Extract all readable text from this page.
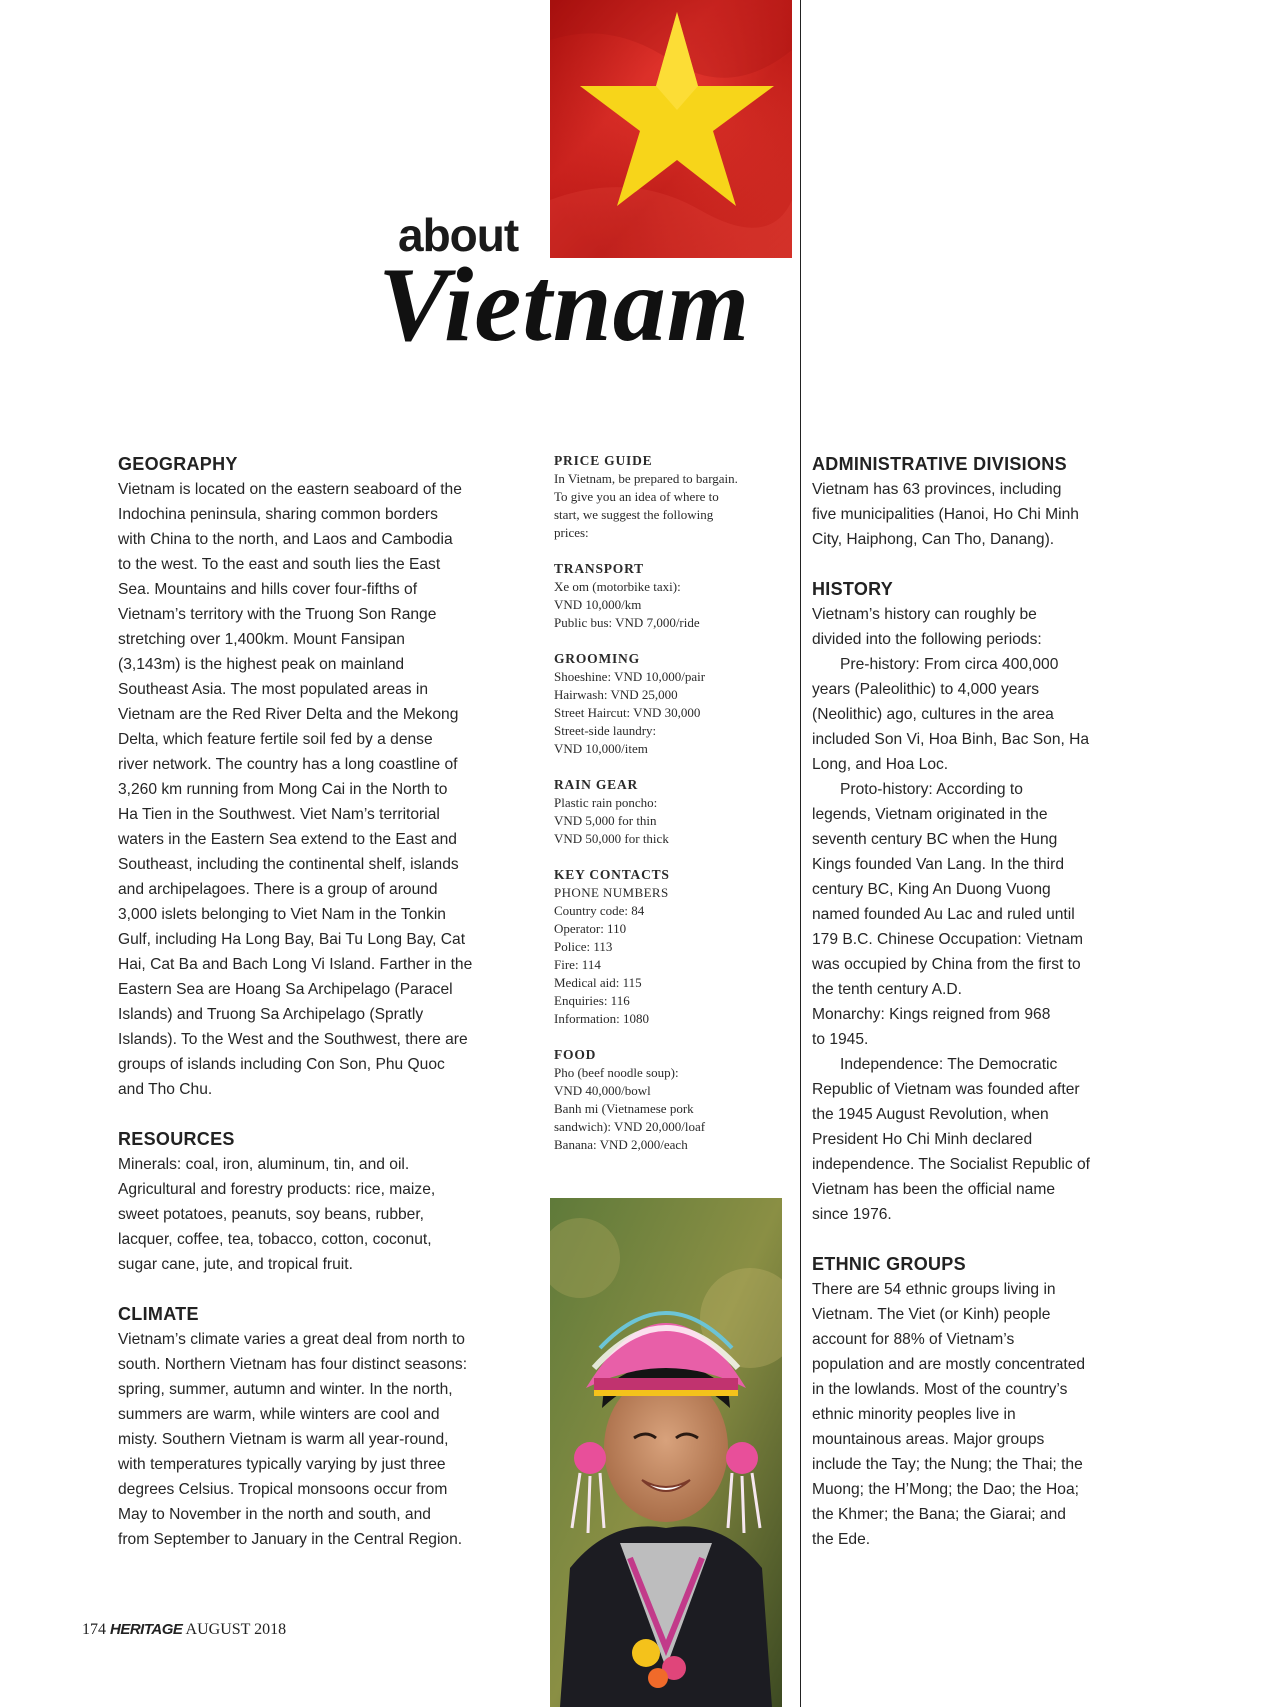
about
Vietnam
GEOGRAPHY

Vietnam is located on the eastern seaboard of the
Indochina peninsula, sharing common borders
with China to the north, and Laos and Cambodia
to the west. To the east and south lies the East
Sea. Mountains and hills cover four-fifths of
Vietnam’s territory with the Truong Son Range
stretching over 1,400km. Mount Fansipan
(3,143m) is the highest peak on mainland
Southeast Asia. The most populated areas in
Vietnam are the Red River Delta and the Mekong
Delta, which feature fertile soil fed by a dense
river network. The country has a long coastline of
3,260 km running from Mong Cai in the North to
Ha Tien in the Southwest. Viet Nam’s territorial
waters in the Eastern Sea extend to the East and
Southeast, including the continental shelf, islands
and archipelagoes. There is a group of around
3,000 islets belonging to Viet Nam in the Tonkin
Gulf, including Ha Long Bay, Bai Tu Long Bay, Cat
Hai, Cat Ba and Bach Long Vi Island. Farther in the
Eastern Sea are Hoang Sa Archipelago (Paracel
Islands) and Truong Sa Archipelago (Spratly
Islands). To the West and the Southwest, there are
groups of islands including Con Son, Phu Quoc
and Tho Chu.

RESOURCES

Minerals: coal, iron, aluminum, tin, and oil.
Agricultural and forestry products: rice, maize,
sweet potatoes, peanuts, soy beans, rubber,
lacquer, coffee, tea, tobacco, cotton, coconut,
sugar cane, jute, and tropical fruit.

CLIMATE

Vietnam’s climate varies a great deal from north to
south. Northern Vietnam has four distinct seasons:
spring, summer, autumn and winter. In the north,
summers are warm, while winters are cool and
misty. Southern Vietnam is warm all year-round,
with temperatures typically varying by just three
degrees Celsius. Tropical monsoons occur from
May to November in the north and south, and
from September to January in the Central Region.

PRICE GUIDE

In Vietnam, be prepared to bargain.
To give you an idea of where to
start, we suggest the following
prices:

TRANSPORT

Xe om (motorbike taxi):
VND 10,000/km
Public bus: VND 7,000/ride

GROOMING

Shoeshine: VND 10,000/pair
Hairwash: VND 25,000
Street Haircut: VND 30,000
Street-side laundry:
VND 10,000/item

RAIN GEAR

Plastic rain poncho:
VND 5,000 for thin
VND 50,000 for thick

KEY CONTACTS

PHONE NUMBERS
Country code: 84
Operator: 110
Police: 113
Fire: 114
Medical aid: 115
Enquiries: 116
Information: 1080

FOOD

Pho (beef noodle soup):
VND 40,000/bowl
Banh mi (Vietnamese pork
sandwich): VND 20,000/loaf
Banana: VND 2,000/each

ADMINISTRATIVE DIVISIONS

Vietnam has 63 provinces, including
five municipalities (Hanoi, Ho Chi Minh
City, Haiphong, Can Tho, Danang).

HISTORY

Vietnam’s history can roughly be
divided into the following periods:
Pre-history: From circa 400,000
years (Paleolithic) to 4,000 years
(Neolithic) ago, cultures in the area
included Son Vi, Hoa Binh, Bac Son, Ha
Long, and Hoa Loc.
Proto-history: According to
legends, Vietnam originated in the
seventh century BC when the Hung
Kings founded Van Lang. In the third
century BC, King An Duong Vuong
named founded Au Lac and ruled until
179 B.C. Chinese Occupation: Vietnam
was occupied by China from the first to
the tenth century A.D.
Monarchy: Kings reigned from 968
to 1945.
Independence: The Democratic
Republic of Vietnam was founded after
the 1945 August Revolution, when
President Ho Chi Minh declared
independence. The Socialist Republic of
Vietnam has been the official name
since 1976.

ETHNIC GROUPS

There are 54 ethnic groups living in
Vietnam. The Viet (or Kinh) people
account for 88% of Vietnam’s
population and are mostly concentrated
in the lowlands. Most of the country’s
ethnic minority peoples live in
mountainous areas. Major groups
include the Tay; the Nung; the Thai; the
Muong; the H’Mong; the Dao; the Hoa;
the Khmer; the Bana; the Giarai; and
the Ede.

174 HERITAGE AUGUST 2018
